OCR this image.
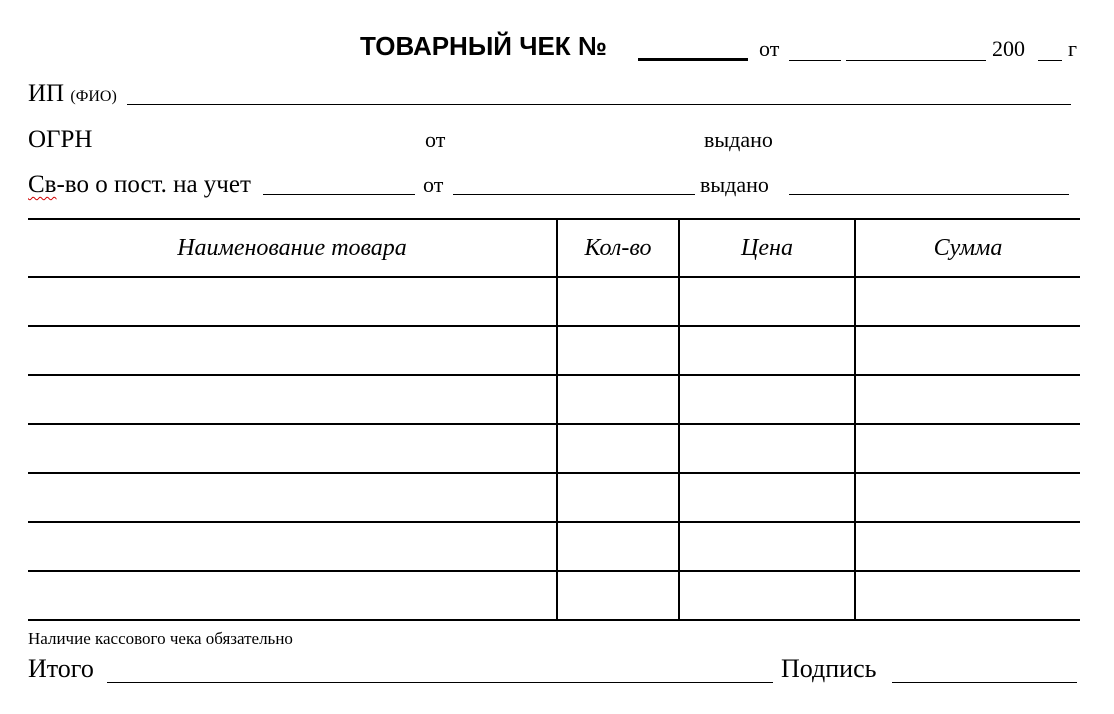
ТОВАРНЫЙ ЧЕК №	от	200 г
ИП (ФИО)
ОГРН	от	выдано
Св-во о пост. на учет	от	выдано
Наименование товара	Кол-во	Цена	Сумма

Наличие кассового чека обязательно
Итого	Подпись
